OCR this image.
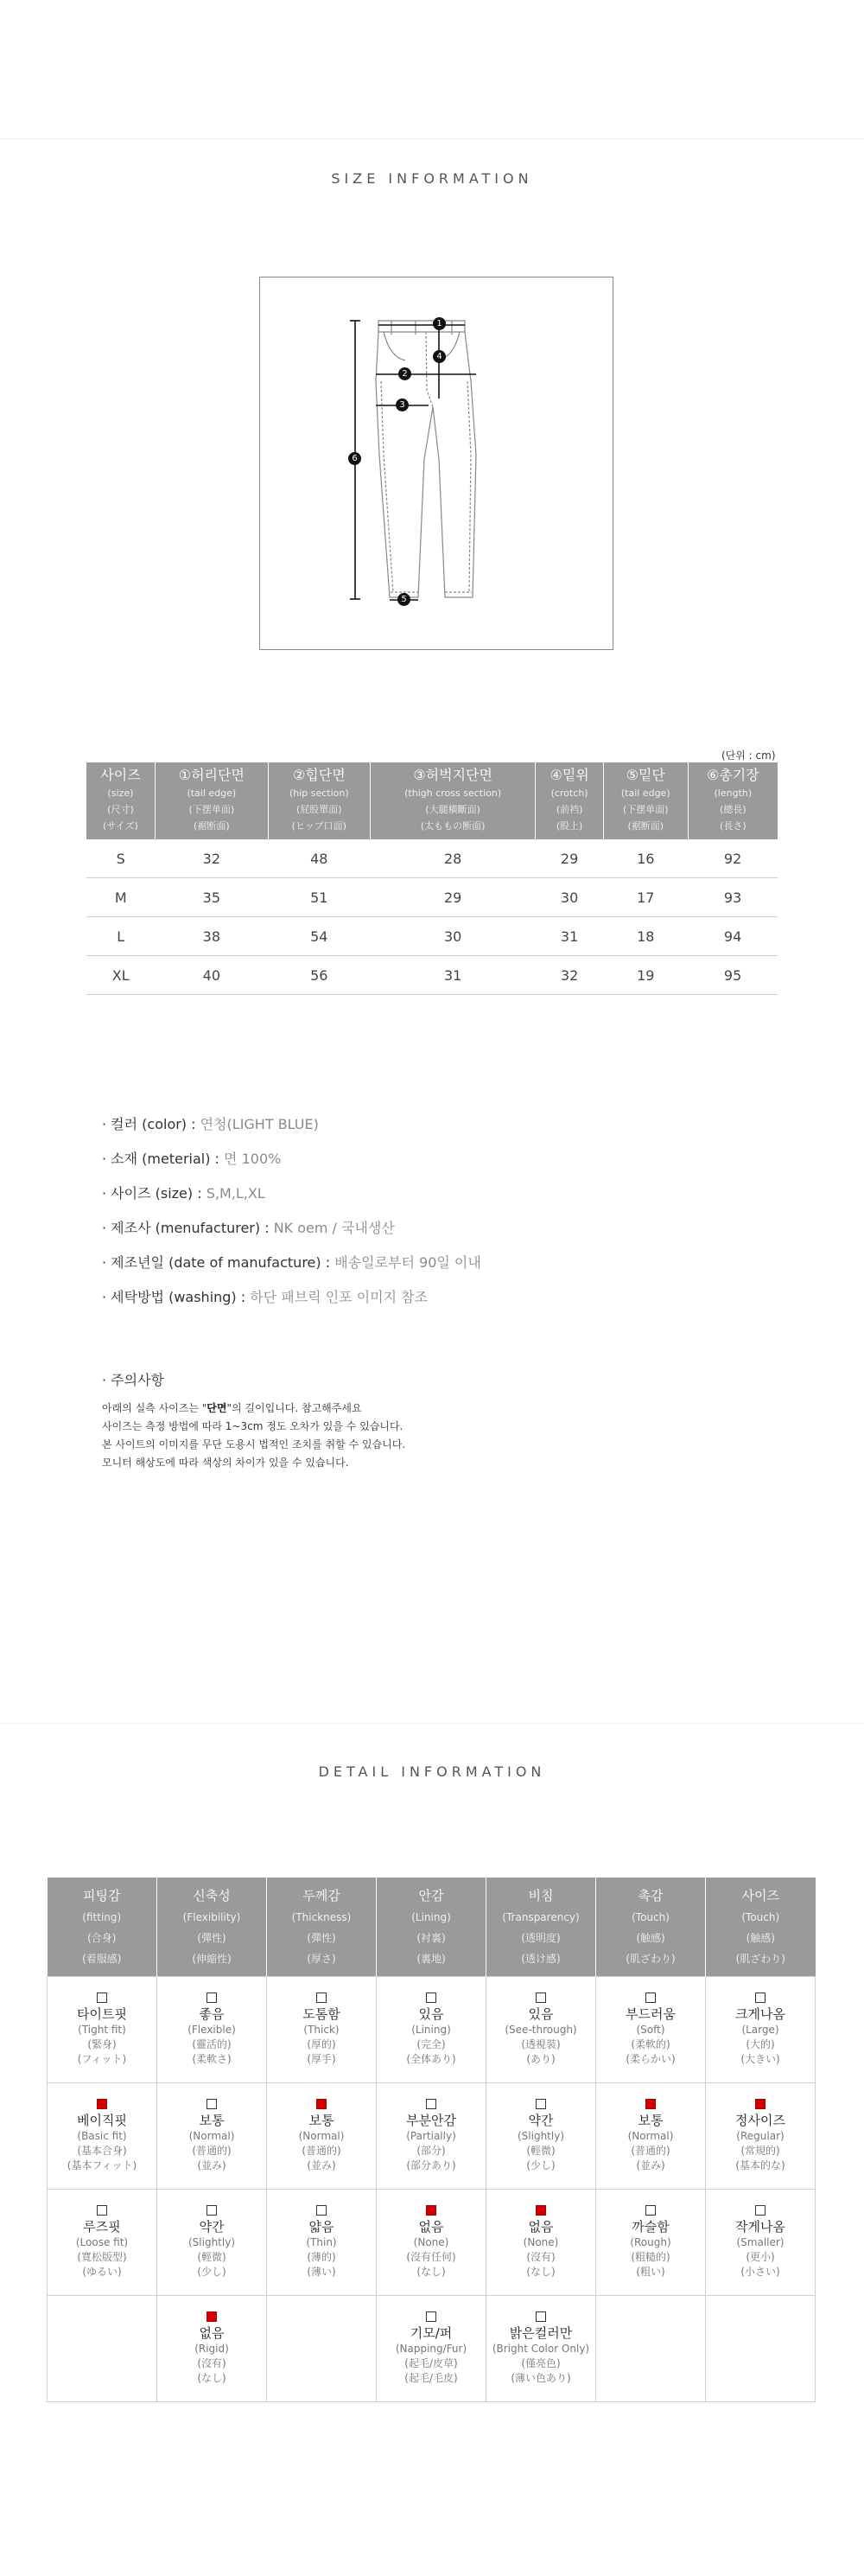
SIZE INFORMATION
1
2
3
4
5
6
(단위 : cm)
사이즈
(size)
(尺寸)
(サイズ)	①허리단면
(tail edge)
(下摆单面)
(裾断面)	②힙단면
(hip section)
(屁股單面)
(ヒップ口面)	③허벅지단면
(thigh cross section)
(大腿橫斷面)
(太ももの断面)	④밑위
(crotch)
(前裆)
(股上)	⑤밑단
(tail edge)
(下摆单面)
(裾断面)	⑥총기장
(length)
(總長)
(長さ)

S	32	48	28	29	16	92
M	35	51	29	30	17	93
L	38	54	30	31	18	94
XL	40	56	31	32	19	95
· 컬러 (color) : 연청(LIGHT BLUE)
· 소재 (meterial) : 면 100%
· 사이즈 (size) : S,M,L,XL
· 제조사 (menufacturer) : NK oem / 국내생산
· 제조년일 (date of manufacture) : 배송일로부터 90일 이내
· 세탁방법 (washing) : 하단 패브릭 인포 이미지 참조
· 주의사항
아래의 실측 사이즈는 "단면"의 길이입니다. 참고해주세요
사이즈는 측정 방법에 따라 1~3cm 정도 오차가 있을 수 있습니다.
본 사이트의 이미지를 무단 도용시 법적인 조치를 취할 수 있습니다.
모니터 해상도에 따라 색상의 차이가 있을 수 있습니다.
DETAIL INFORMATION
피팅감
(fitting)
(合身)
(着服感)	신축성
(Flexibility)
(彈性)
(伸縮性)	두께감
(Thickness)
(彈性)
(厚さ)	안감
(Lining)
(衬裏)
(裏地)	비침
(Transparency)
(透明度)
(透け感)	촉감
(Touch)
(触感)
(肌ざわり)	사이즈
(Touch)
(触感)
(肌ざわり)

타이트핏
(Tight fit)
(緊身)
(フィット)	좋음
(Flexible)
(靈活的)
(柔軟さ)	도톰함
(Thick)
(厚的)
(厚手)	있음
(Lining)
(完全)
(全体あり)	있음
(See-through)
(透視裝)
(あり)	부드러움
(Soft)
(柔軟的)
(柔らかい)	크게나옴
(Large)
(大的)
(大きい)

베이직핏
(Basic fit)
(基本合身)
(基本フィット)	보통
(Normal)
(普通的)
(並み)	보통
(Normal)
(普通的)
(並み)	부분안감
(Partially)
(部分)
(部分あり)	약간
(Slightly)
(輕微)
(少し)	보통
(Normal)
(普通的)
(並み)	정사이즈
(Regular)
(常規的)
(基本的な)

루즈핏
(Loose fit)
(寬松版型)
(ゆるい)	약간
(Slightly)
(輕微)
(少し)	얇음
(Thin)
(薄的)
(薄い)	없음
(None)
(沒有任何)
(なし)	없음
(None)
(沒有)
(なし)	까슬함
(Rough)
(粗糙的)
(粗い)	작게나옴
(Smaller)
(更小)
(小さい)

	없음
(Rigid)
(沒有)
(なし)		기모/퍼
(Napping/Fur)
(起毛/皮草)
(起毛/毛皮)	밝은컬러만
(Bright Color Only)
(僅亮色)
(薄い色あり)		
